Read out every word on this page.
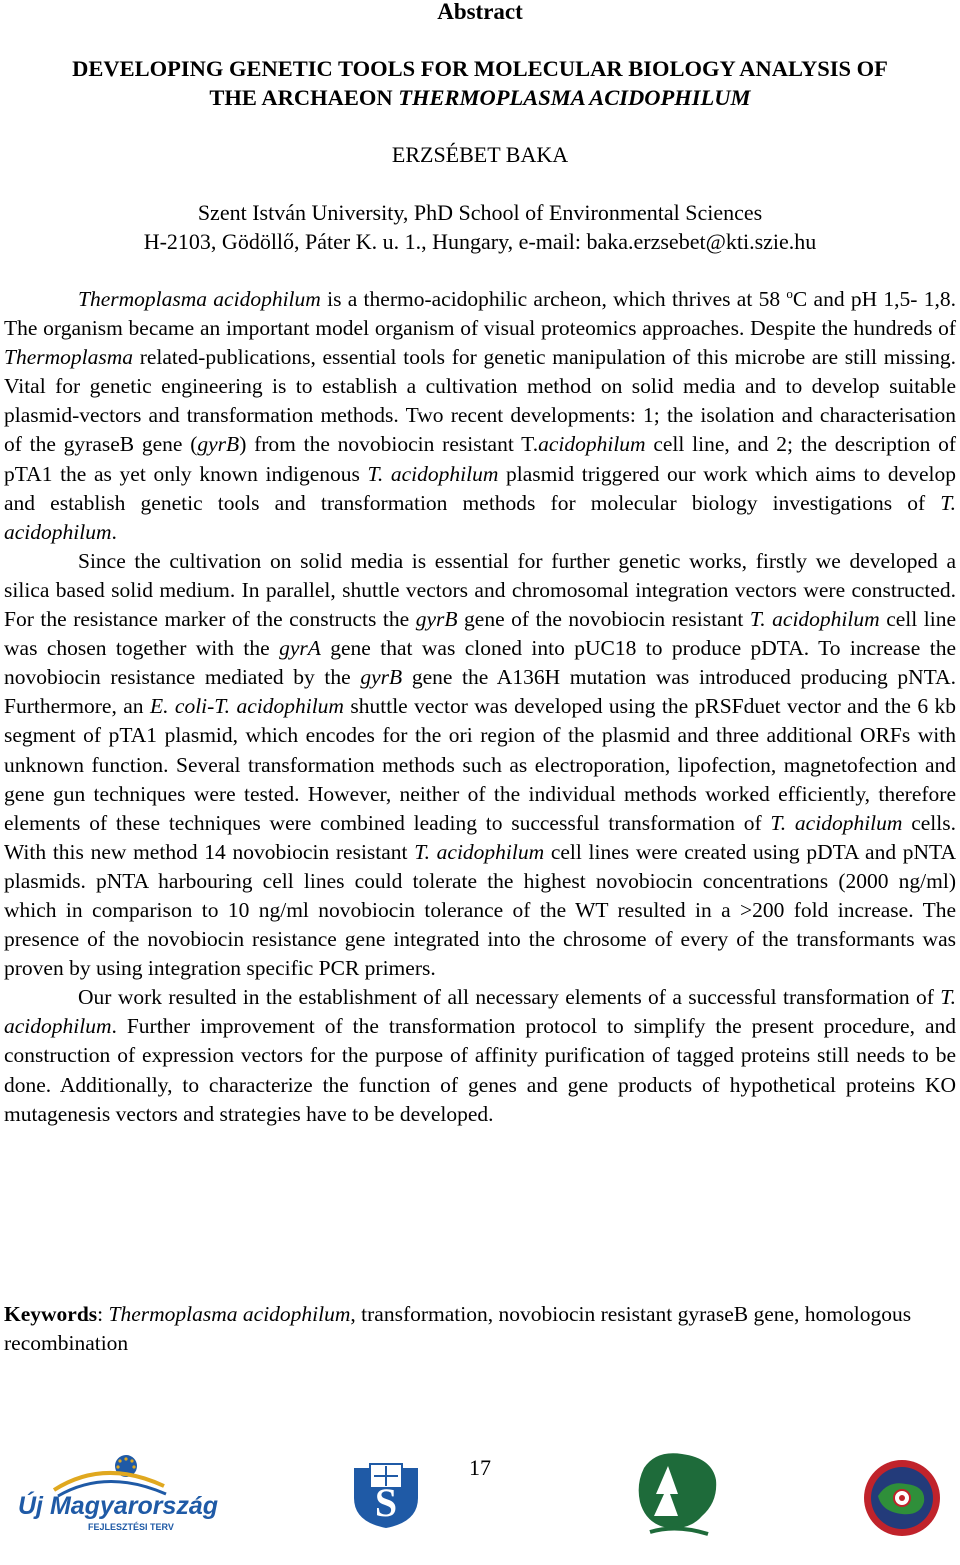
Abstract
DEVELOPING GENETIC TOOLS FOR MOLECULAR BIOLOGY ANALYSIS OF
THE ARCHAEON THERMOPLASMA ACIDOPHILUM
ERZSÉBET BAKA
Szent István University, PhD School of Environmental Sciences
H-2103, Gödöllő, Páter K. u. 1., Hungary, e-mail: baka.erzsebet@kti.szie.hu

Thermoplasma acidophilum is a thermo-acidophilic archeon, which thrives at 58 $^o$C and pH 1,5- 1,8. The organism became an important model organism of visual proteomics approaches. Despite the hundreds of Thermoplasma related-publications, essential tools for genetic manipulation of this microbe are still missing. Vital for genetic engineering is to establish a cultivation method on solid media and to develop suitable plasmid-vectors and transformation methods. Two recent developments: 1; the isolation and characterisation of the gyraseB gene (gyrB) from the novobiocin resistant T.acidophilum cell line, and 2; the description of pTA1 the as yet only known indigenous T. acidophilum plasmid triggered our work which aims to develop and establish genetic tools and transformation methods for molecular biology investigations of T. acidophilum.

Since the cultivation on solid media is essential for further genetic works, firstly we developed a silica based solid medium. In parallel, shuttle vectors and chromosomal integration vectors were constructed. For the resistance marker of the constructs the gyrB gene of the novobiocin resistant T. acidophilum cell line was chosen together with the gyrA gene that was cloned into pUC18 to produce pDTA. To increase the novobiocin resistance mediated by the gyrB gene the A136H mutation was introduced producing pNTA. Furthermore, an E. coli-T. acidophilum shuttle vector was developed using the pRSFduet vector and the 6 kb segment of pTA1 plasmid, which encodes for the ori region of the plasmid and three additional ORFs with unknown function. Several transformation methods such as electroporation, lipofection, magnetofection and gene gun techniques were tested. However, neither of the individual methods worked efficiently, therefore elements of these techniques were combined leading to successful transformation of T. acidophilum cells. With this new method 14 novobiocin resistant T. acidophilum cell lines were created using pDTA and pNTA plasmids. pNTA harbouring cell lines could tolerate the highest novobiocin concentrations (2000 ng/ml) which in comparison to 10 ng/ml novobiocin tolerance of the WT resulted in a >200 fold increase. The presence of the novobiocin resistance gene integrated into the chrosome of every of the transformants was proven by using integration specific PCR primers.

Our work resulted in the establishment of all necessary elements of a successful transformation of T. acidophilum. Further improvement of the transformation protocol to simplify the present procedure, and construction of expression vectors for the purpose of affinity purification of tagged proteins still needs to be done. Additionally, to characterize the function of genes and gene products of hypothetical proteins KO mutagenesis vectors and strategies have to be developed.

Keywords: Thermoplasma acidophilum, transformation, novobiocin resistant gyraseB gene, homologous recombination
17
Új Magyarország
FEJLESZTÉSI TERV
S
